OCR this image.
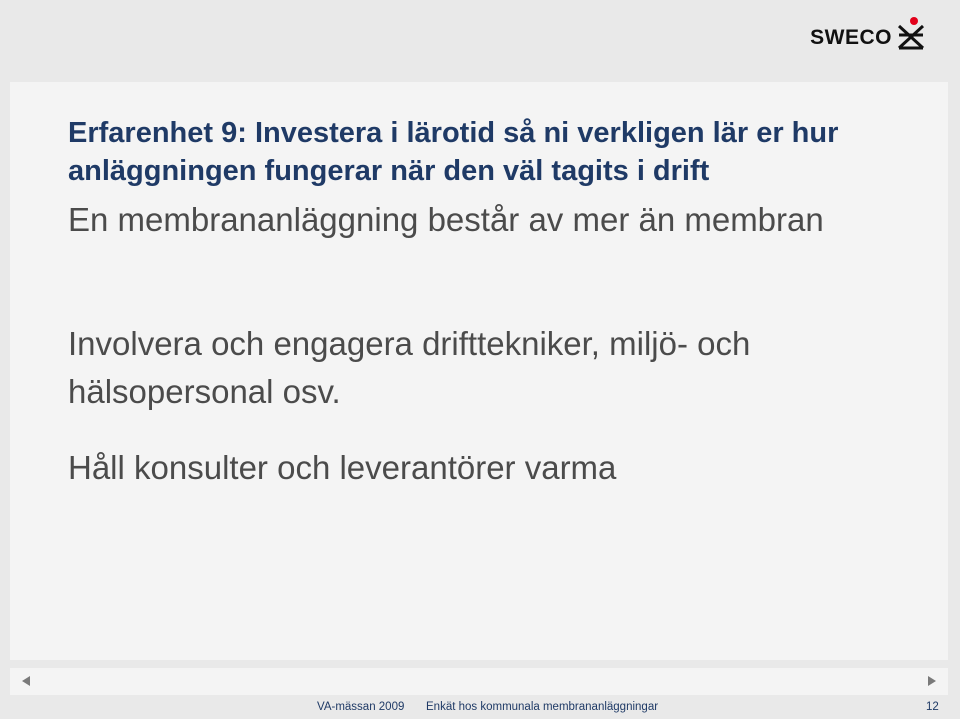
SWECO
Erfarenhet 9: Investera i lärotid så ni verkligen lär er hur anläggningen fungerar när den väl tagits i drift

En membrananläggning består av mer än membran

Involvera och engagera drifttekniker, miljö- och hälsopersonal osv.

Håll konsulter och leverantörer varma

VA-mässan 2009 Enkät hos kommunala membrananläggningar	12
